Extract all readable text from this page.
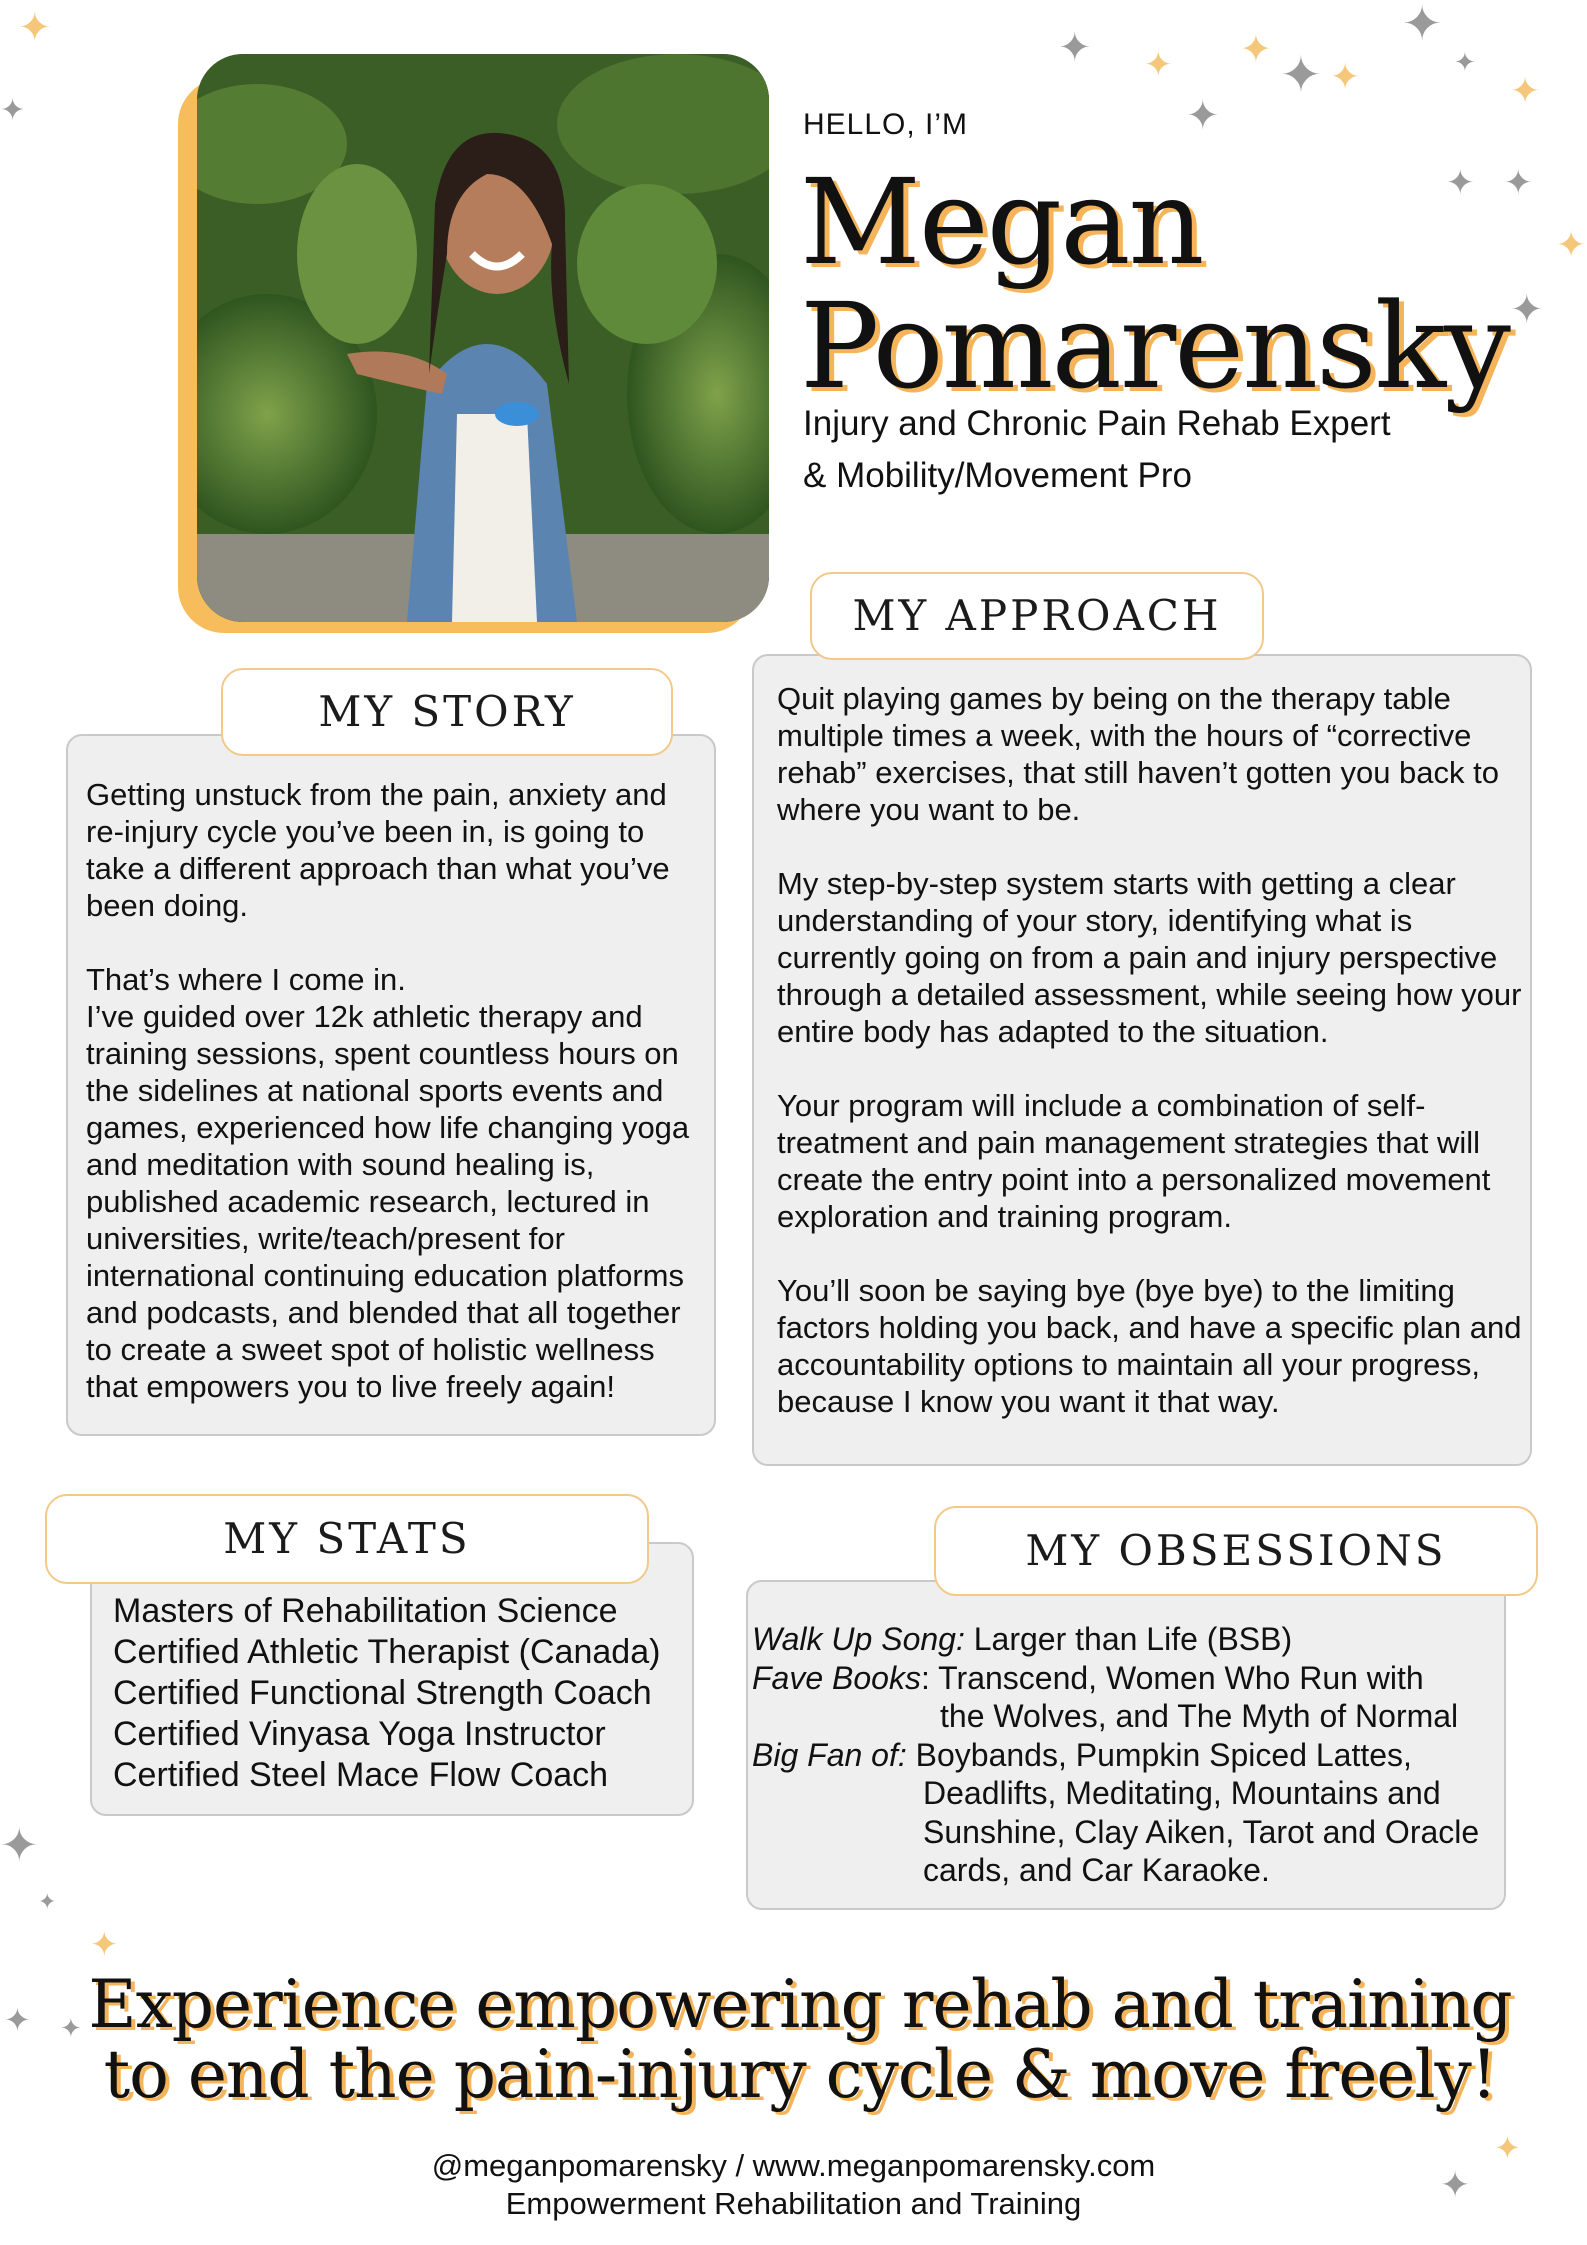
✦
✦
✦ ✦ ✦ ✦ ✦
✦
✦
✦
✦
✦ ✦
✦
✦
✦
✦
✦
✦ ✦
✦
✦
HELLO, I’M
Megan
Pomarensky
Injury and Chronic Pain Rehab Expert
& Mobility/Movement Pro
MY APPROACH

Quit playing games by being on the therapy table multiple times a week, with the hours of “corrective rehab” exercises, that still haven’t gotten you back to where you want to be.

My step-by-step system starts with getting a clear understanding of your story, identifying what is currently going on from a pain and injury perspective through a detailed assessment, while seeing how your entire body has adapted to the situation.

Your program will include a combination of self-treatment and pain management strategies that will create the entry point into a personalized movement exploration and training program.

You’ll soon be saying bye (bye bye) to the limiting factors holding you back, and have a specific plan and accountability options to maintain all your progress, because I know you want it that way.

MY STORY

Getting unstuck from the pain, anxiety and re-injury cycle you’ve been in, is going to take a different approach than what you’ve been doing.

That’s where I come in.
I’ve guided over 12k athletic therapy and training sessions, spent countless hours on the sidelines at national sports events and games, experienced how life changing yoga and meditation with sound healing is, published academic research, lectured in universities, write/teach/present for international continuing education platforms and podcasts, and blended that all together to create a sweet spot of holistic wellness that empowers you to live freely again!
MY STATS
Masters of Rehabilitation Science
Certified Athletic Therapist (Canada)
Certified Functional Strength Coach
Certified Vinyasa Yoga Instructor
Certified Steel Mace Flow Coach
MY OBSESSIONS
Walk Up Song: Larger than Life (BSB)
Fave Books: Transcend, Women Who Run with
the Wolves, and The Myth of Normal
Big Fan of: Boybands, Pumpkin Spiced Lattes,
Deadlifts, Meditating, Mountains and
Sunshine, Clay Aiken, Tarot and Oracle
cards, and Car Karaoke.
Experience empowering rehab and training
to end the pain-injury cycle & move freely!
@meganpomarensky / www.meganpomarensky.com
Empowerment Rehabilitation and Training
